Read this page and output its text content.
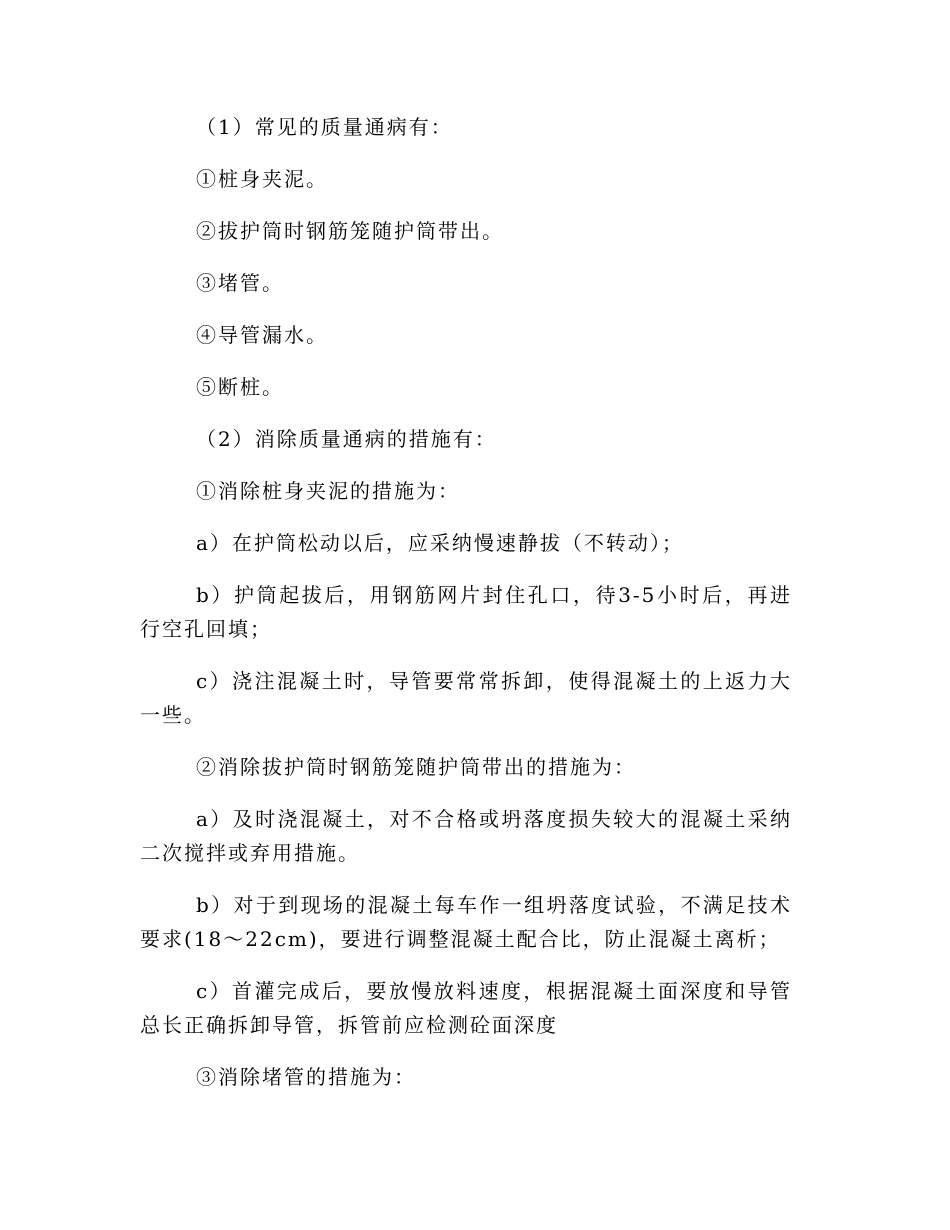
（1）常见的质量通病有：

①桩身夹泥。

②拔护筒时钢筋笼随护筒带出。

③堵管。

④导管漏水。

⑤断桩。

（2）消除质量通病的措施有：

①消除桩身夹泥的措施为：

a）在护筒松动以后，应采纳慢速静拔（不转动）；

b）护筒起拔后，用钢筋网片封住孔口，待3-5小时后，再进行空孔回填；

c）浇注混凝土时，导管要常常拆卸，使得混凝土的上返力大一些。

②消除拔护筒时钢筋笼随护筒带出的措施为：

a）及时浇混凝土，对不合格或坍落度损失较大的混凝土采纳二次搅拌或弃用措施。

b）对于到现场的混凝土每车作一组坍落度试验，不满足技术要求(18～22cm)，要进行调整混凝土配合比，防止混凝土离析；

c）首灌完成后，要放慢放料速度，根据混凝土面深度和导管总长正确拆卸导管，拆管前应检测砼面深度

③消除堵管的措施为：
